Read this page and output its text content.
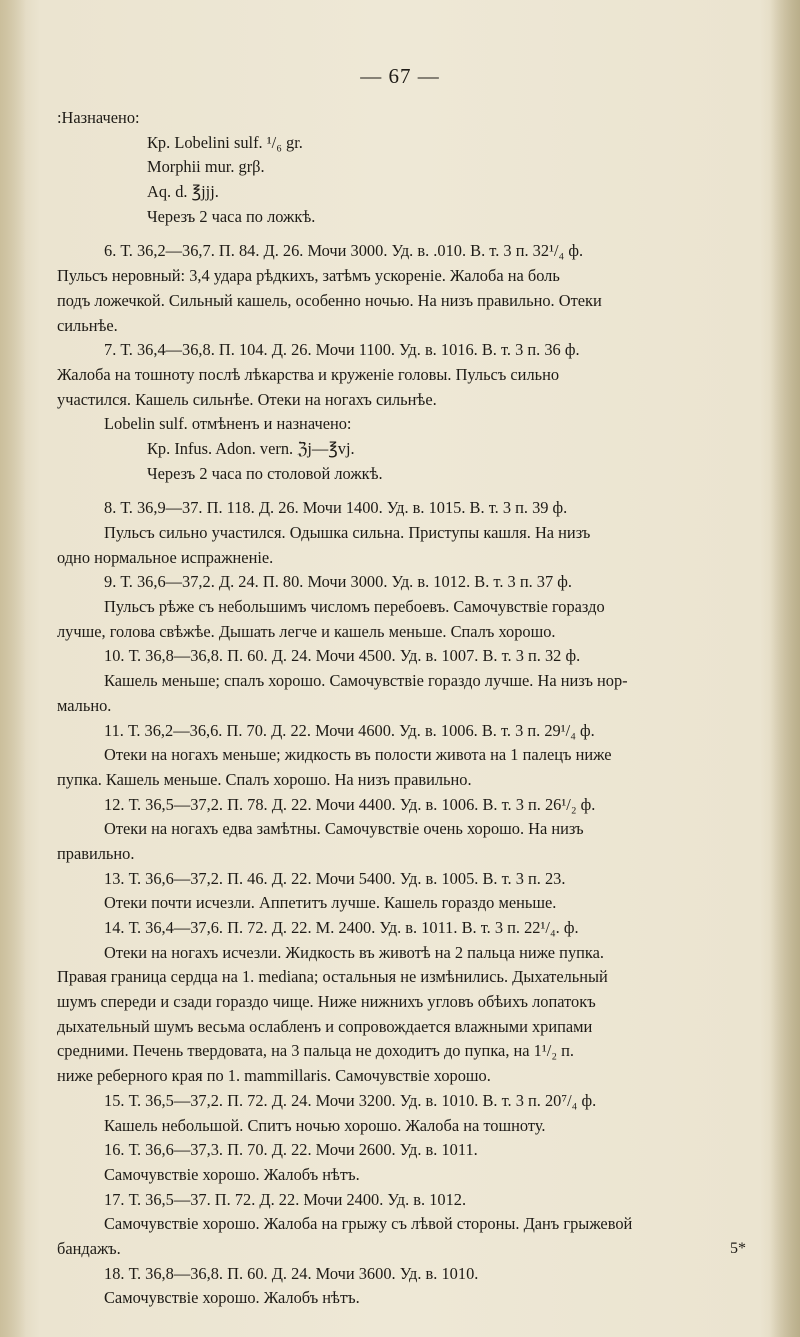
— 67 —
:Назначено:
Кр. Lobelini sulf. ¹/₆ gr.
Morphii mur. grβ.
Aq. d. ℥jjj.
Черезъ 2 часа по ложкѣ.
6. Т. 36,2—36,7. П. 84. Д. 26. Мочи 3000. Уд. в. .010. В. т. 3 п. 32¹/₄ ф.
Пульсъ неровный: 3,4 удара рѣдкихъ, затѣмъ ускореніе. Жалоба на боль
подъ ложечкой. Сильный кашель, особенно ночью. На низъ правильно. Отеки
сильнѣе.
7. Т. 36,4—36,8. П. 104. Д. 26. Мочи 1100. Уд. в. 1016. В. т. 3 п. 36 ф.
Жалоба на тошноту послѣ лѣкарства и круженіе головы. Пульсъ сильно
участился. Кашель сильнѣе. Отеки на ногахъ сильнѣе.
Lobelin sulf. отмѣненъ и назначено:
Кр. Infus. Adon. vern. ℨj—℥vj.
Черезъ 2 часа по столовой ложкѣ.
8. Т. 36,9—37. П. 118. Д. 26. Мочи 1400. Уд. в. 1015. В. т. 3 п. 39 ф.
Пульсъ сильно участился. Одышка сильна. Приступы кашля. На низъ
одно нормальное испражненіе.
9. Т. 36,6—37,2. Д. 24. П. 80. Мочи 3000. Уд. в. 1012. В. т. 3 п. 37 ф.
Пульсъ рѣже съ небольшимъ числомъ перебоевъ. Самочувствіе гораздо
лучше, голова свѣжѣе. Дышать легче и кашель меньше. Спалъ хорошо.
10. Т. 36,8—36,8. П. 60. Д. 24. Мочи 4500. Уд. в. 1007. В. т. 3 п. 32 ф.
Кашель меньше; спалъ хорошо. Самочувствіе гораздо лучше. На низъ нор-
мально.
11. Т. 36,2—36,6. П. 70. Д. 22. Мочи 4600. Уд. в. 1006. В. т. 3 п. 29¹/₄ ф.
Отеки на ногахъ меньше; жидкость въ полости живота на 1 палецъ ниже
пупка. Кашель меньше. Спалъ хорошо. На низъ правильно.
12. Т. 36,5—37,2. П. 78. Д. 22. Мочи 4400. Уд. в. 1006. В. т. 3 п. 26¹/₂ ф.
Отеки на ногахъ едва замѣтны. Самочувствіе очень хорошо. На низъ
правильно.
13. Т. 36,6—37,2. П. 46. Д. 22. Мочи 5400. Уд. в. 1005. В. т. 3 п. 23.
Отеки почти исчезли. Аппетитъ лучше. Кашель гораздо меньше.
14. Т. 36,4—37,6. П. 72. Д. 22. М. 2400. Уд. в. 1011. В. т. 3 п. 22¹/₄. ф.
Отеки на ногахъ исчезли. Жидкость въ животѣ на 2 пальца ниже пупка.
Правая граница сердца на 1. mediana; остальныя не измѣнились. Дыхательный
шумъ спереди и сзади гораздо чище. Ниже нижнихъ угловъ обѣихъ лопатокъ
дыхательный шумъ весьма ослабленъ и сопровождается влажными хрипами
средними. Печень твердовата, на 3 пальца не доходитъ до пупка, на 1¹/₂ п.
ниже реберного края по 1. mammillaris. Самочувствіе хорошо.
15. Т. 36,5—37,2. П. 72. Д. 24. Мочи 3200. Уд. в. 1010. В. т. 3 п. 20⁷/₄ ф.
Кашель небольшой. Спитъ ночью хорошо. Жалоба на тошноту.
16. Т. 36,6—37,3. П. 70. Д. 22. Мочи 2600. Уд. в. 1011.
Самочувствіе хорошо. Жалобъ нѣтъ.
17. Т. 36,5—37. П. 72. Д. 22. Мочи 2400. Уд. в. 1012.
Самочувствіе хорошо. Жалоба на грыжу съ лѣвой стороны. Данъ грыжевой
бандажъ.
18. Т. 36,8—36,8. П. 60. Д. 24. Мочи 3600. Уд. в. 1010.
Самочувствіе хорошо. Жалобъ нѣтъ.
5*
